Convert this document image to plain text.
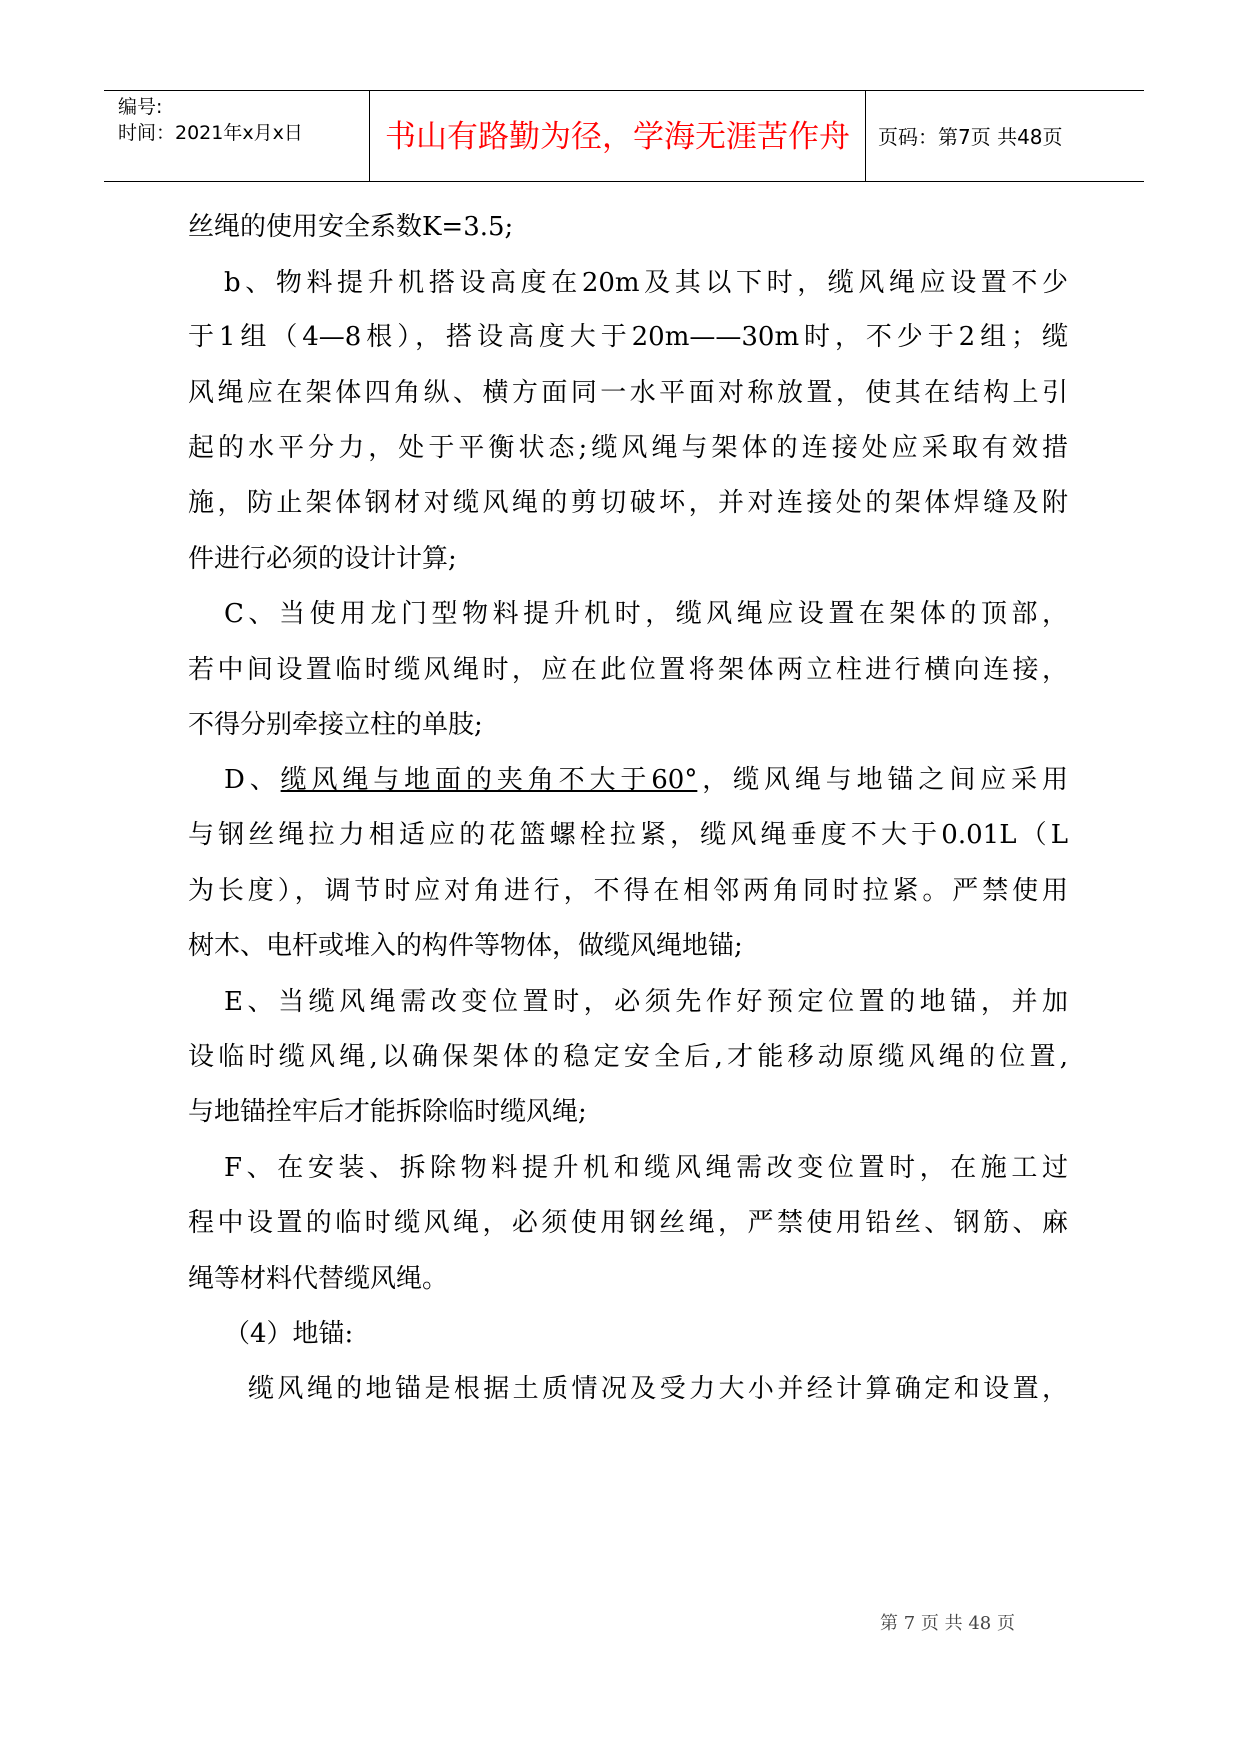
编号:
时间：2021年x月x日	书山有路勤为径，学海无涯苦作舟	页码：第7页 共48页
丝绳的使用安全系数K=3.5;
b、物料提升机搭设高度在20m及其以下时，缆风绳应设置不少
于1组（4—8根），搭设高度大于20m——30m时，不少于2组；缆
风绳应在架体四角纵、横方面同一水平面对称放置，使其在结构上引
起的水平分力，处于平衡状态;缆风绳与架体的连接处应采取有效措
施，防止架体钢材对缆风绳的剪切破坏，并对连接处的架体焊缝及附
件进行必须的设计计算;
C、当使用龙门型物料提升机时，缆风绳应设置在架体的顶部，
若中间设置临时缆风绳时，应在此位置将架体两立柱进行横向连接，
不得分别牵接立柱的单肢;
D、缆风绳与地面的夹角不大于60°，缆风绳与地锚之间应采用
与钢丝绳拉力相适应的花篮螺栓拉紧，缆风绳垂度不大于0.01L（L
为长度），调节时应对角进行，不得在相邻两角同时拉紧。严禁使用
树木、电杆或堆入的构件等物体，做缆风绳地锚;
E、当缆风绳需改变位置时，必须先作好预定位置的地锚，并加
设临时缆风绳,以确保架体的稳定安全后,才能移动原缆风绳的位置,
与地锚拴牢后才能拆除临时缆风绳;
F、在安装、拆除物料提升机和缆风绳需改变位置时，在施工过
程中设置的临时缆风绳，必须使用钢丝绳，严禁使用铅丝、钢筋、麻
绳等材料代替缆风绳。
（4）地锚:
缆风绳的地锚是根据土质情况及受力大小并经计算确定和设置，
第 7 页 共 48 页
